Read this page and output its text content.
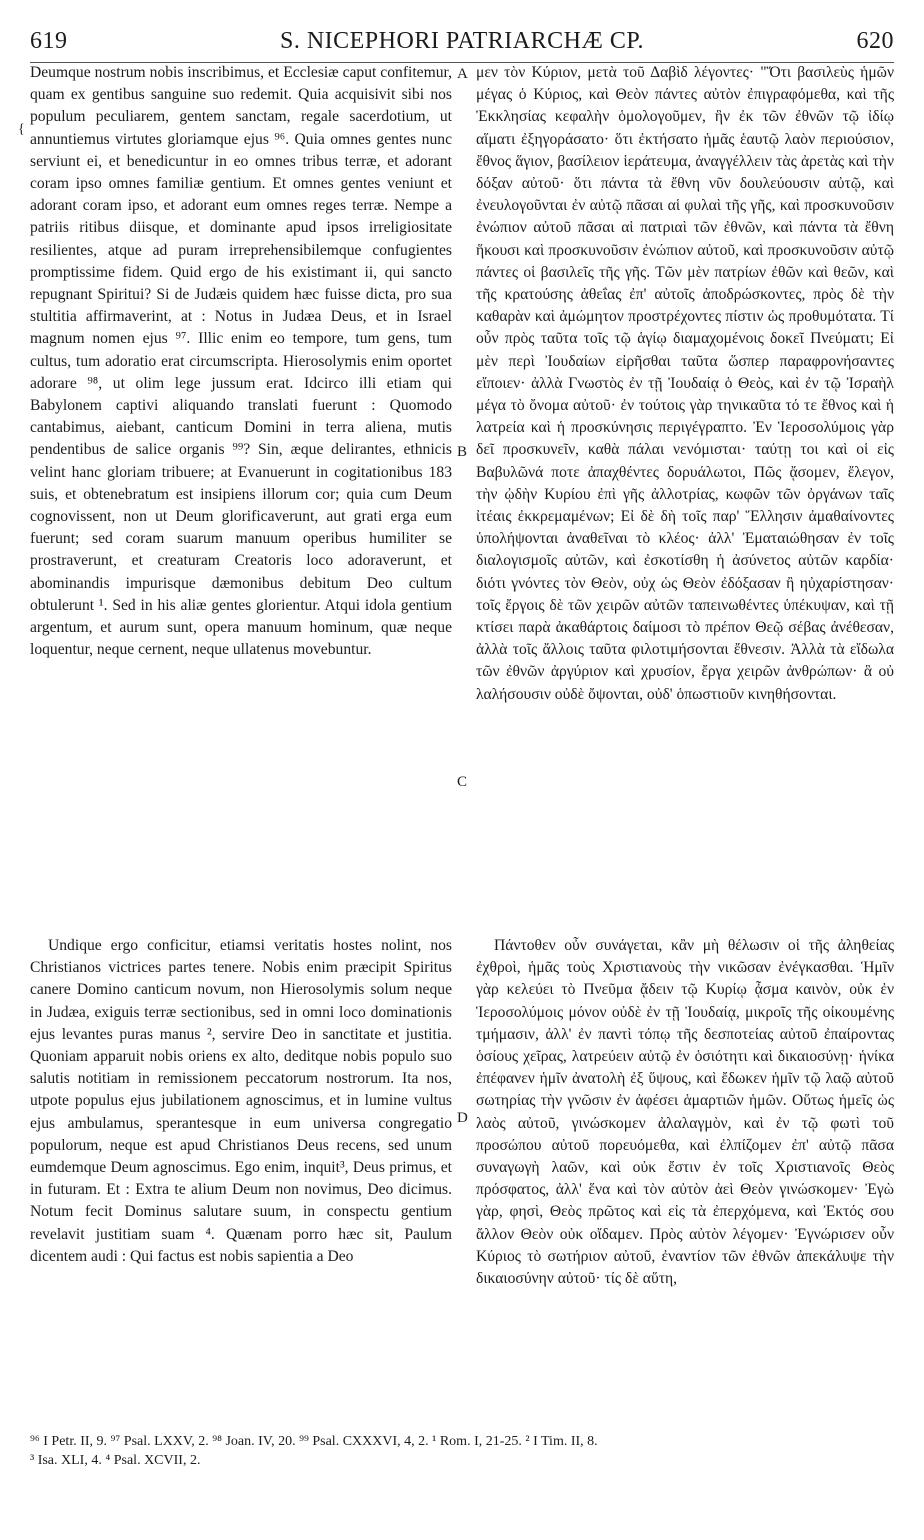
619	S. NICEPHORI PATRIARCHÆ CP.	620
{

Deumque nostrum nobis inscribimus, et Ecclesiæ caput confitemur, quam ex gentibus sanguine suo redemit. Quia acquisivit sibi nos populum peculiarem, gentem sanctam, regale sacerdotium, ut annuntiemus virtutes gloriamque ejus ⁹⁶. Quia omnes gentes nunc serviunt ei, et benedicuntur in eo omnes tribus terræ, et adorant coram ipso omnes familiæ gentium. Et omnes gentes veniunt et adorant coram ipso, et adorant eum omnes reges terræ. Nempe a patriis ritibus diisque, et dominante apud ipsos irreligiositate resilientes, atque ad puram irreprehensibilemque confugientes promptissime fidem. Quid ergo de his existimant ii, qui sancto repugnant Spiritui? Si de Judæis quidem hæc fuisse dicta, pro sua stultitia affirmaverint, at : Notus in Judæa Deus, et in Israel magnum nomen ejus ⁹⁷. Illic enim eo tempore, tum gens, tum cultus, tum adoratio erat circumscripta. Hierosolymis enim oportet adorare ⁹⁸, ut olim lege jussum erat. Idcirco illi etiam qui Babylonem captivi aliquando translati fuerunt : Quomodo cantabimus, aiebant, canticum Domini in terra aliena, mutis pendentibus de salice organis ⁹⁹? Sin, æque delirantes, ethnicis velint hanc gloriam tribuere; at Evanuerunt in cogitationibus 183 suis, et obtenebratum est insipiens illorum cor; quia cum Deum cognovissent, non ut Deum glorificaverunt, aut grati erga eum fuerunt; sed coram suarum manuum operibus humiliter se prostraverunt, et creaturam Creatoris loco adoraverunt, et abominandis impurisque dæmonibus debitum Deo cultum obtulerunt ¹. Sed in his aliæ gentes glorientur. Atqui idola gentium argentum, et aurum sunt, opera manuum hominum, quæ neque loquentur, neque cernent, neque ullatenus movebuntur.

μεν τὸν Κύριον, μετὰ τοῦ Δαβὶδ λέγοντες· "Ὅτι βασιλεὺς ἡμῶν μέγας ὁ Κύριος, καὶ Θεὸν πάντες αὐτὸν ἐπιγραφόμεθα, καὶ τῆς Ἐκκλησίας κεφαλὴν ὁμολογοῦμεν, ἣν ἐκ τῶν ἐθνῶν τῷ ἰδίῳ αἵματι ἐξηγοράσατο· ὅτι ἐκτήσατο ἡμᾶς ἑαυτῷ λαὸν περιούσιον, ἔθνος ἅγιον, βασίλειον ἱεράτευμα, ἀναγγέλλειν τὰς ἀρετὰς καὶ τὴν δόξαν αὐτοῦ· ὅτι πάντα τὰ ἔθνη νῦν δουλεύουσιν αὐτῷ, καὶ ἐνευλογοῦνται ἐν αὐτῷ πᾶσαι αἱ φυλαὶ τῆς γῆς, καὶ προσκυνοῦσιν ἐνώπιον αὐτοῦ πᾶσαι αἱ πατριαὶ τῶν ἐθνῶν, καὶ πάντα τὰ ἔθνη ἥκουσι καὶ προσκυνοῦσιν ἐνώπιον αὐτοῦ, καὶ προσκυνοῦσιν αὐτῷ πάντες οἱ βασιλεῖς τῆς γῆς. Τῶν μὲν πατρίων ἐθῶν καὶ θεῶν, καὶ τῆς κρατούσης ἀθεΐας ἐπ' αὐτοῖς ἀποδρώσκοντες, πρὸς δὲ τὴν καθαρὰν καὶ ἀμώμητον προστρέχοντες πίστιν ὡς προθυμότατα. Τί οὖν πρὸς ταῦτα τοῖς τῷ ἁγίῳ διαμαχομένοις δοκεῖ Πνεύματι; Εἰ μὲν περὶ Ἰουδαίων εἰρῆσθαι ταῦτα ὥσπερ παραφρονήσαντες εἴποιεν· ἀλλὰ Γνωστὸς ἐν τῇ Ἰουδαίᾳ ὁ Θεὸς, καὶ ἐν τῷ Ἰσραὴλ μέγα τὸ ὄνομα αὐτοῦ· ἐν τούτοις γὰρ τηνικαῦτα τό τε ἔθνος καὶ ἡ λατρεία καὶ ἡ προσκύνησις περιγέγραπτο. Ἐν Ἱεροσολύμοις γὰρ δεῖ προσκυνεῖν, καθὰ πάλαι νενόμισται· ταύτῃ τοι καὶ οἱ εἰς Βαβυλῶνά ποτε ἀπαχθέντες δορυάλωτοι, Πῶς ᾄσομεν, ἔλεγον, τὴν ᾠδὴν Κυρίου ἐπὶ γῆς ἀλλοτρίας, κωφῶν τῶν ὀργάνων ταῖς ἰτέαις ἐκκρεμαμένων; Εἰ δὲ δὴ τοῖς παρ' Ἕλλησιν ἀμαθαίνοντες ὑπολήψονται ἀναθεῖναι τὸ κλέος· ἀλλ' Ἐματαιώθησαν ἐν τοῖς διαλογισμοῖς αὐτῶν, καὶ ἐσκοτίσθη ἡ ἀσύνετος αὐτῶν καρδία· διότι γνόντες τὸν Θεὸν, οὐχ ὡς Θεὸν ἐδόξασαν ἢ ηὐχαρίστησαν· τοῖς ἔργοις δὲ τῶν χειρῶν αὐτῶν ταπεινωθέντες ὑπέκυψαν, καὶ τῇ κτίσει παρὰ ἀκαθάρτοις δαίμοσι τὸ πρέπον Θεῷ σέβας ἀνέθεσαν, ἀλλὰ τοῖς ἄλλοις ταῦτα φιλοτιμήσονται ἔθνεσιν. Ἀλλὰ τὰ εἴδωλα τῶν ἐθνῶν ἀργύριον καὶ χρυσίον, ἔργα χειρῶν ἀνθρώπων· ἃ οὐ λαλήσουσιν οὐδὲ ὄψονται, οὐδ' ὁπωστιοῦν κινηθήσονται.

A
B
C
D

Undique ergo conficitur, etiamsi veritatis hostes nolint, nos Christianos victrices partes tenere. Nobis enim præcipit Spiritus canere Domino canticum novum, non Hierosolymis solum neque in Judæa, exiguis terræ sectionibus, sed in omni loco dominationis ejus levantes puras manus ², servire Deo in sanctitate et justitia. Quoniam apparuit nobis oriens ex alto, deditque nobis populo suo salutis notitiam in remissionem peccatorum nostrorum. Ita nos, utpote populus ejus jubilationem agnoscimus, et in lumine vultus ejus ambulamus, sperantesque in eum universa congregatio populorum, neque est apud Christianos Deus recens, sed unum eumdemque Deum agnoscimus. Ego enim, inquit³, Deus primus, et in futuram. Et : Extra te alium Deum non novimus, Deo dicimus. Notum fecit Dominus salutare suum, in conspectu gentium revelavit justitiam suam ⁴. Quænam porro hæc sit, Paulum dicentem audi : Qui factus est nobis sapientia a Deo

Πάντοθεν οὖν συνάγεται, κἂν μὴ θέλωσιν οἱ τῆς ἀληθείας ἐχθροὶ, ἡμᾶς τοὺς Χριστιανοὺς τὴν νικῶσαν ἐνέγκασθαι. Ἡμῖν γὰρ κελεύει τὸ Πνεῦμα ᾄδειν τῷ Κυρίῳ ᾆσμα καινὸν, οὐκ ἐν Ἱεροσολύμοις μόνον οὐδὲ ἐν τῇ Ἰουδαίᾳ, μικροῖς τῆς οἰκουμένης τμήμασιν, ἀλλ' ἐν παντὶ τόπῳ τῆς δεσποτείας αὐτοῦ ἐπαίροντας ὁσίους χεῖρας, λατρεύειν αὐτῷ ἐν ὁσιότητι καὶ δικαιοσύνῃ· ἡνίκα ἐπέφανεν ἡμῖν ἀνατολὴ ἐξ ὕψους, καὶ ἔδωκεν ἡμῖν τῷ λαῷ αὐτοῦ σωτηρίας τὴν γνῶσιν ἐν ἀφέσει ἁμαρτιῶν ἡμῶν. Οὕτως ἡμεῖς ὡς λαὸς αὐτοῦ, γινώσκομεν ἀλαλαγμὸν, καὶ ἐν τῷ φωτὶ τοῦ προσώπου αὐτοῦ πορευόμεθα, καὶ ἐλπίζομεν ἐπ' αὐτῷ πᾶσα συναγωγὴ λαῶν, καὶ οὐκ ἔστιν ἐν τοῖς Χριστιανοῖς Θεὸς πρόσφατος, ἀλλ' ἕνα καὶ τὸν αὐτὸν ἀεὶ Θεὸν γινώσκομεν· Ἐγὼ γὰρ, φησὶ, Θεὸς πρῶτος καὶ εἰς τὰ ἐπερχόμενα, καὶ Ἐκτός σου ἄλλον Θεὸν οὐκ οἴδαμεν. Πρὸς αὐτὸν λέγομεν· Ἐγνώρισεν οὖν Κύριος τὸ σωτήριον αὐτοῦ, ἐναντίον τῶν ἐθνῶν ἀπεκάλυψε τὴν δικαιοσύνην αὐτοῦ· τίς δὲ αὕτη,

⁹⁶ I Petr. II, 9. ⁹⁷ Psal. LXXV, 2. ⁹⁸ Joan. IV, 20. ⁹⁹ Psal. CXXXVI, 4, 2. ¹ Rom. I, 21-25. ² I Tim. II, 8.
³ Isa. XLI, 4. ⁴ Psal. XCVII, 2.
